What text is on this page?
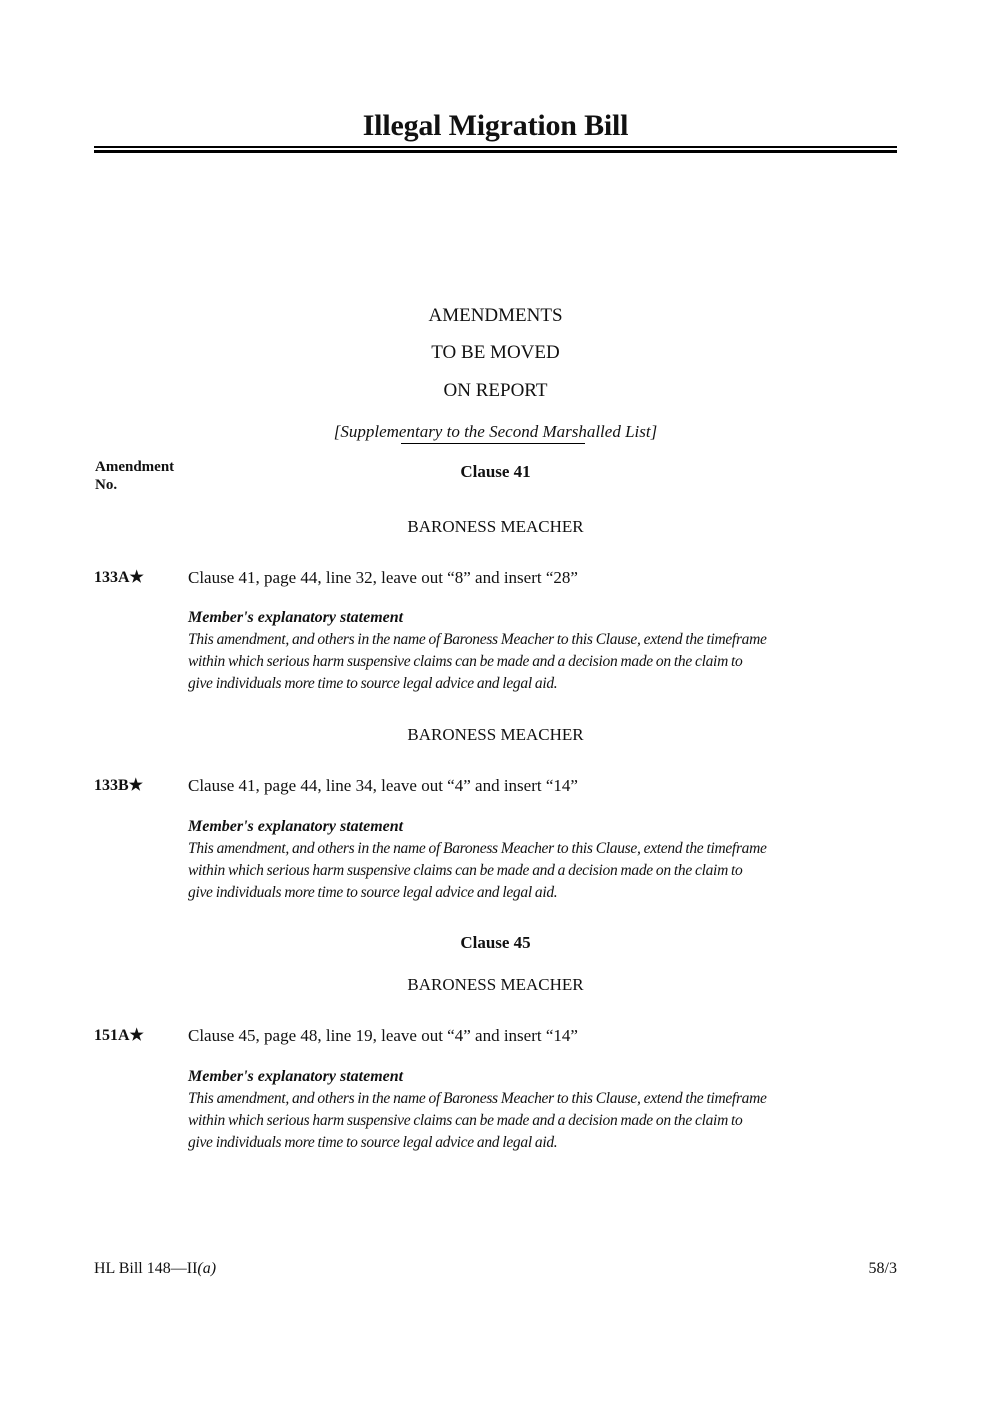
Illegal Migration Bill
AMENDMENTS
TO BE MOVED
ON REPORT
[Supplementary to the Second Marshalled List]
Amendment
No.
Clause 41
BARONESS MEACHER
133A★	Clause 41, page 44, line 32, leave out “8” and insert “28”
Member's explanatory statement
This amendment, and others in the name of Baroness Meacher to this Clause, extend the timeframe
within which serious harm suspensive claims can be made and a decision made on the claim to
give individuals more time to source legal advice and legal aid.
BARONESS MEACHER
133B★	Clause 41, page 44, line 34, leave out “4” and insert “14”
Member's explanatory statement
This amendment, and others in the name of Baroness Meacher to this Clause, extend the timeframe
within which serious harm suspensive claims can be made and a decision made on the claim to
give individuals more time to source legal advice and legal aid.
Clause 45
BARONESS MEACHER
151A★	Clause 45, page 48, line 19, leave out “4” and insert “14”
Member's explanatory statement
This amendment, and others in the name of Baroness Meacher to this Clause, extend the timeframe
within which serious harm suspensive claims can be made and a decision made on the claim to
give individuals more time to source legal advice and legal aid.
HL Bill 148—II(a)	58/3
